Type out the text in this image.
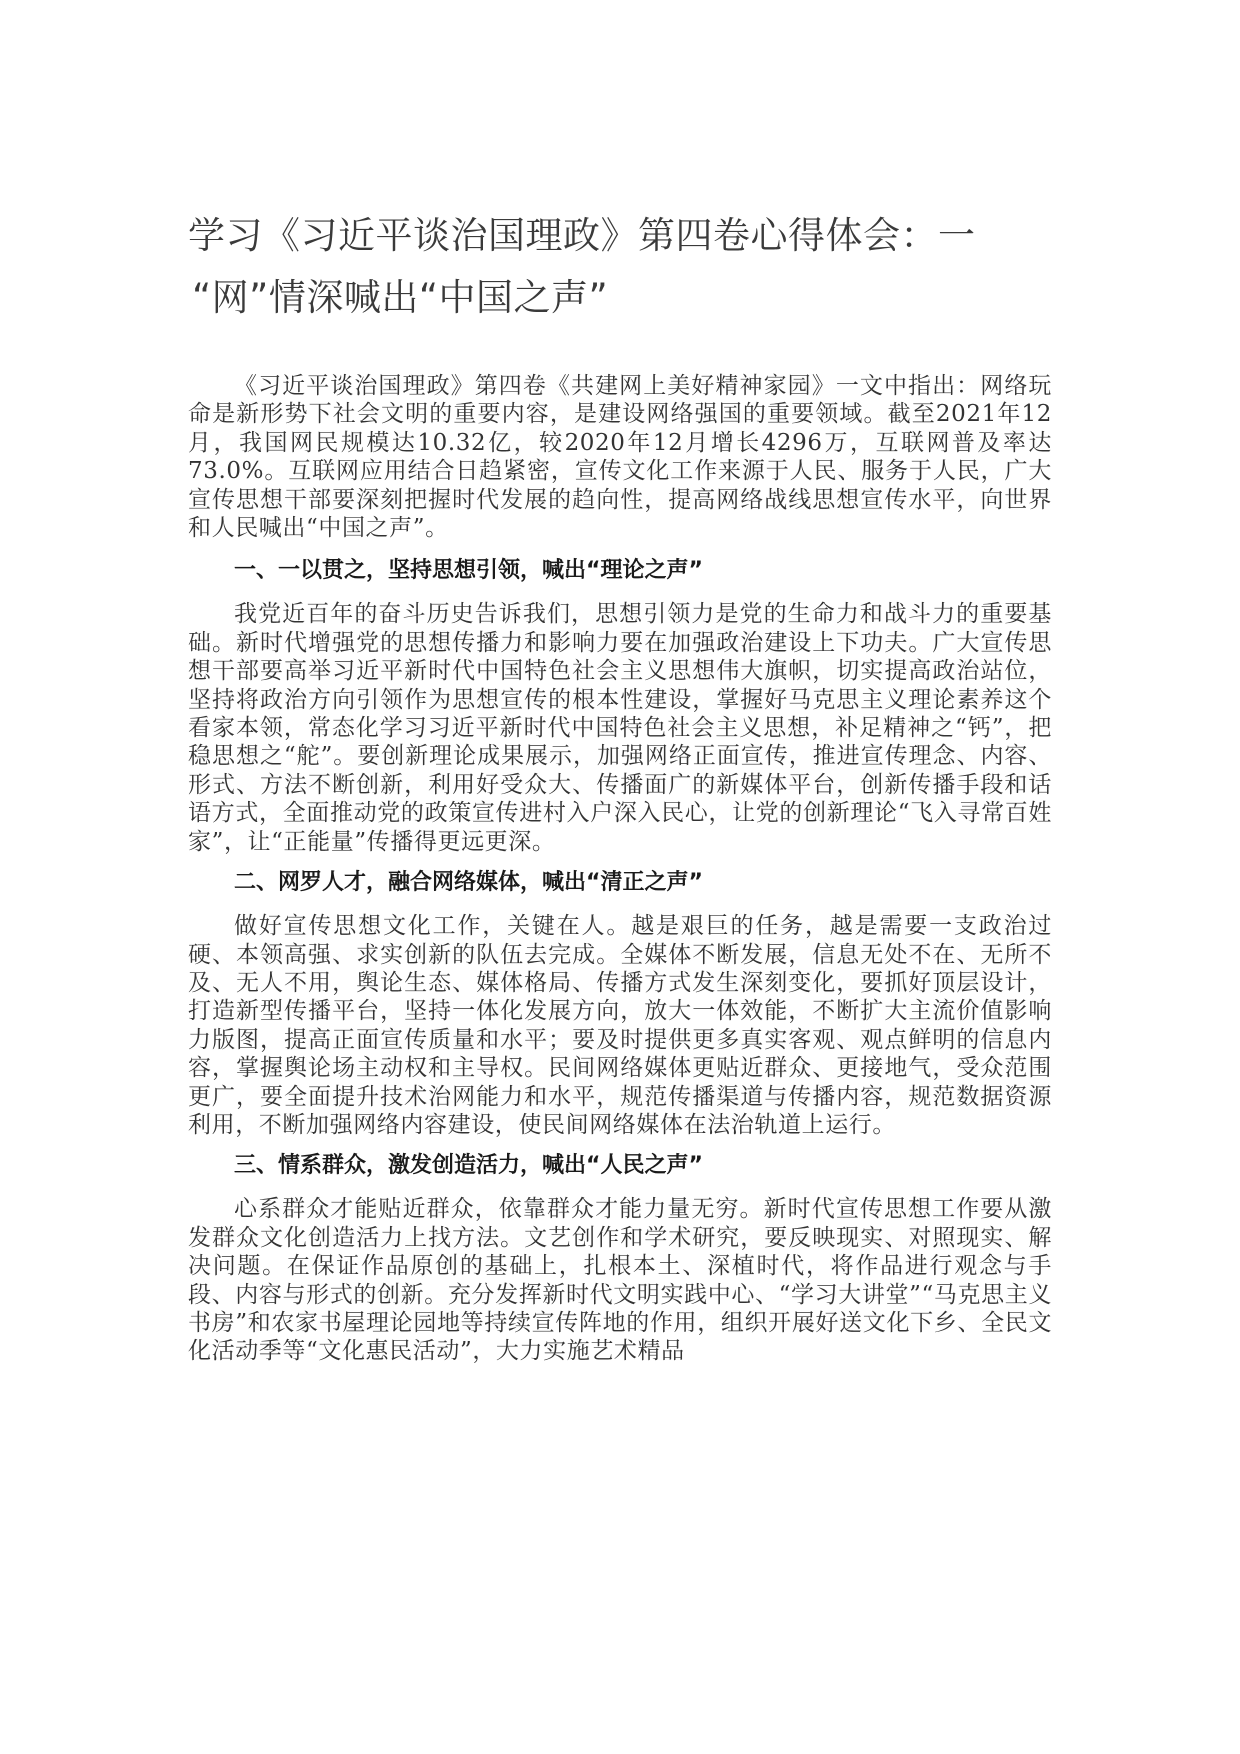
学习《习近平谈治国理政》第四卷心得体会：一
“网”情深喊出“中国之声”

《习近平谈治国理政》第四卷《共建网上美好精神家园》一文中指出：网络玩命是新形势下社会文明的重要内容，是建设网络强国的重要领域。截至2021年12月，我国网民规模达10.32亿，较2020年12月增长4296万，互联网普及率达73.0%。互联网应用结合日趋紧密，宣传文化工作来源于人民、服务于人民，广大宣传思想干部要深刻把握时代发展的趋向性，提高网络战线思想宣传水平，向世界和人民喊出“中国之声”。

一、一以贯之，坚持思想引领，喊出“理论之声”

我党近百年的奋斗历史告诉我们，思想引领力是党的生命力和战斗力的重要基础。新时代增强党的思想传播力和影响力要在加强政治建设上下功夫。广大宣传思想干部要高举习近平新时代中国特色社会主义思想伟大旗帜，切实提高政治站位，坚持将政治方向引领作为思想宣传的根本性建设，掌握好马克思主义理论素养这个看家本领，常态化学习习近平新时代中国特色社会主义思想，补足精神之“钙”，把稳思想之“舵”。要创新理论成果展示，加强网络正面宣传，推进宣传理念、内容、形式、方法不断创新，利用好受众大、传播面广的新媒体平台，创新传播手段和话语方式，全面推动党的政策宣传进村入户深入民心，让党的创新理论“飞入寻常百姓家”，让“正能量”传播得更远更深。

二、网罗人才，融合网络媒体，喊出“清正之声”

做好宣传思想文化工作，关键在人。越是艰巨的任务，越是需要一支政治过硬、本领高强、求实创新的队伍去完成。全媒体不断发展，信息无处不在、无所不及、无人不用，舆论生态、媒体格局、传播方式发生深刻变化，要抓好顶层设计，打造新型传播平台，坚持一体化发展方向，放大一体效能，不断扩大主流价值影响力版图，提高正面宣传质量和水平；要及时提供更多真实客观、观点鲜明的信息内容，掌握舆论场主动权和主导权。民间网络媒体更贴近群众、更接地气，受众范围更广，要全面提升技术治网能力和水平，规范传播渠道与传播内容，规范数据资源利用，不断加强网络内容建设，使民间网络媒体在法治轨道上运行。

三、情系群众，激发创造活力，喊出“人民之声”

心系群众才能贴近群众，依靠群众才能力量无穷。新时代宣传思想工作要从激发群众文化创造活力上找方法。文艺创作和学术研究，要反映现实、对照现实、解决问题。在保证作品原创的基础上，扎根本土、深植时代，将作品进行观念与手段、内容与形式的创新。充分发挥新时代文明实践中心、“学习大讲堂”“马克思主义书房”和农家书屋理论园地等持续宣传阵地的作用，组织开展好送文化下乡、全民文化活动季等“文化惠民活动”，大力实施艺术精品
